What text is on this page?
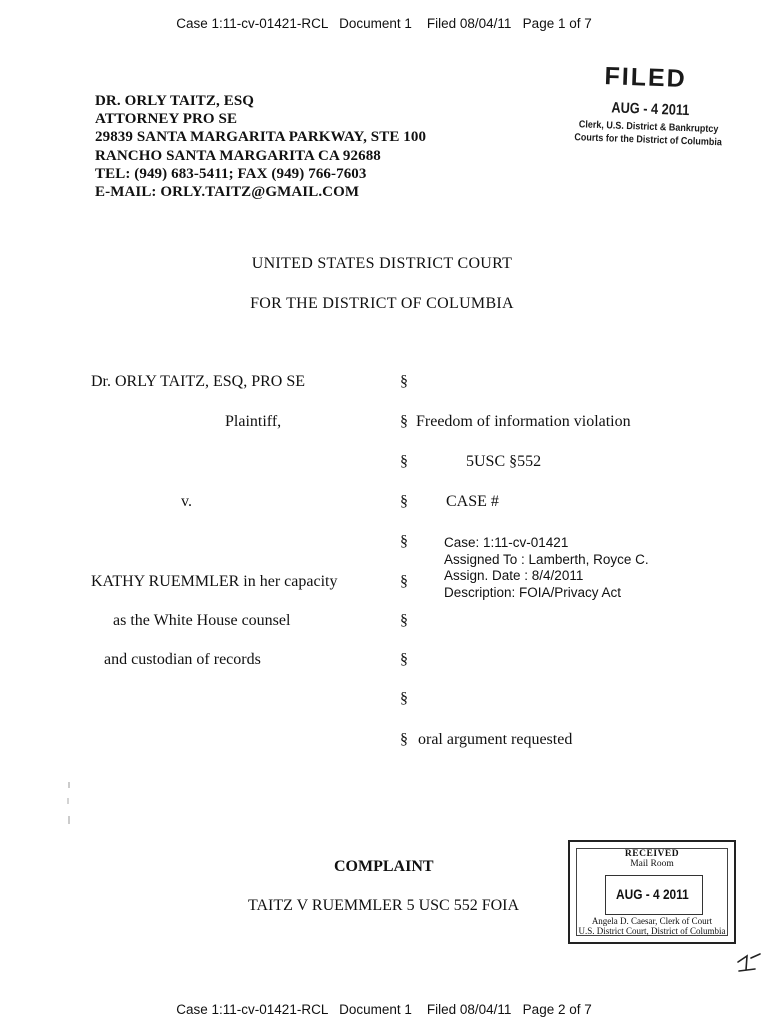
Case 1:11-cv-01421-RCL   Document 1    Filed 08/04/11   Page 1 of 7
DR. ORLY TAITZ, ESQ
ATTORNEY PRO SE
29839 SANTA MARGARITA PARKWAY, STE 100
RANCHO SANTA MARGARITA CA 92688
TEL: (949) 683-5411; FAX (949) 766-7603
E-MAIL: ORLY.TAITZ@GMAIL.COM
FILED
AUG - 4 2011
Clerk, U.S. District & Bankruptcy
Courts for the District of Columbia
UNITED STATES DISTRICT COURT
FOR THE DISTRICT OF COLUMBIA
Dr. ORLY TAITZ, ESQ, PRO SE
Plaintiff,
v.
KATHY RUEMMLER in her capacity
as the White House counsel
and custodian of records
§
§
§
§
§
§
§
§
§
§
Freedom of information violation
5USC §552
CASE #
oral argument requested
Case: 1:11-cv-01421
Assigned To : Lamberth, Royce C.
Assign. Date : 8/4/2011
Description: FOIA/Privacy Act
COMPLAINT
TAITZ V RUEMMLER 5 USC 552 FOIA
RECEIVED
Mail Room
AUG - 4 2011
Angela D. Caesar, Clerk of Court
U.S. District Court, District of Columbia
Case 1:11-cv-01421-RCL   Document 1    Filed 08/04/11   Page 2 of 7
